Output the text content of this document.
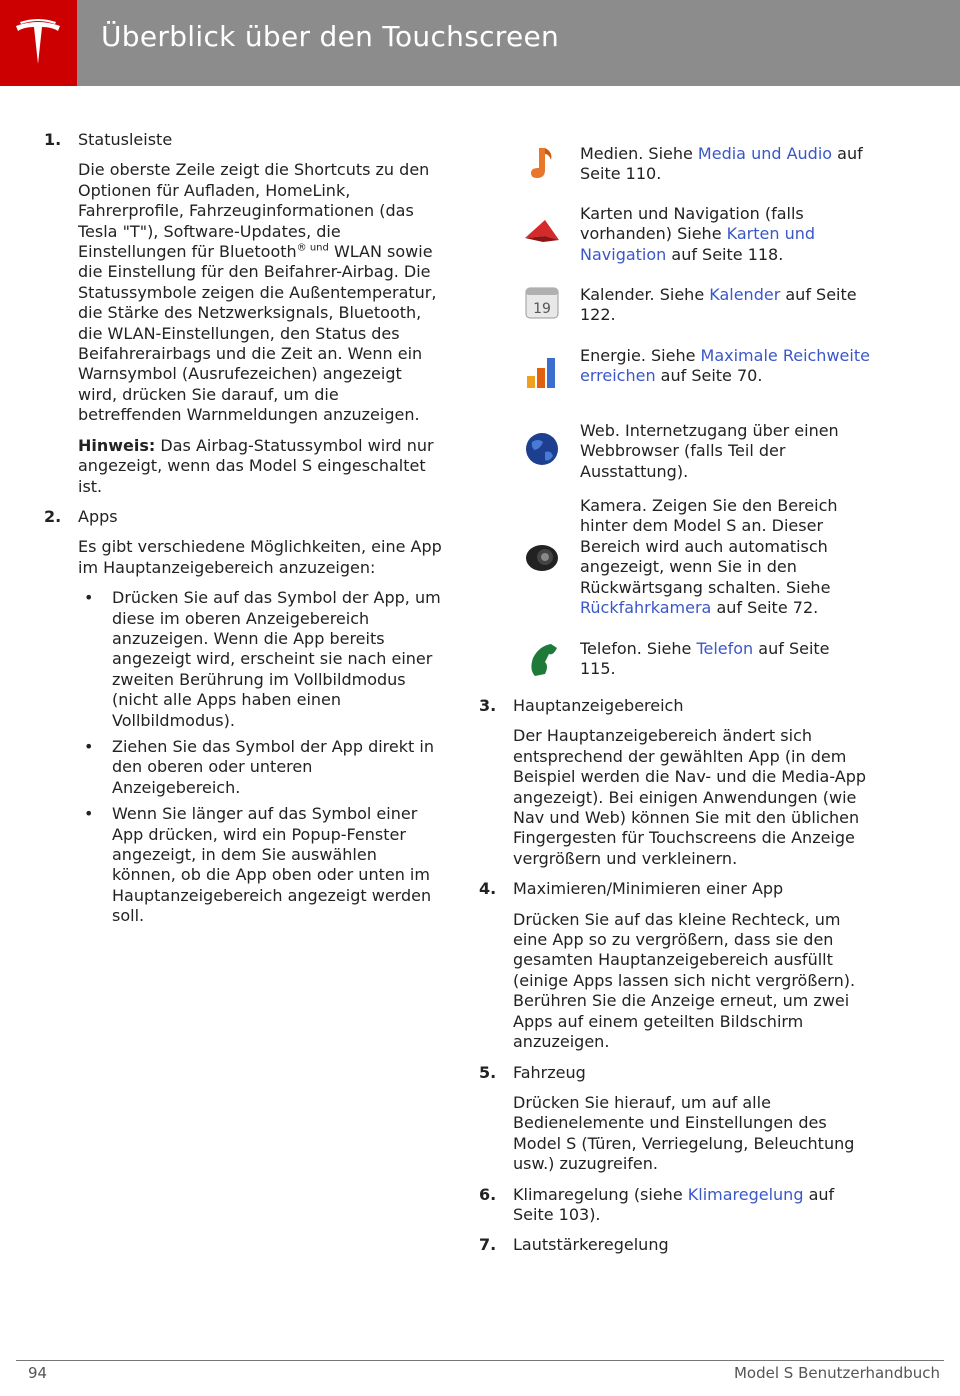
Überblick über den Touchscreen
1. Statusleiste

Die oberste Zeile zeigt die Shortcuts zu den Optionen für Aufladen, HomeLink, Fahrerprofile, Fahrzeuginformationen (das Tesla "T"), Software-Updates, die Einstellungen für Bluetooth$^{® und}$ WLAN sowie die Einstellung für den Beifahrer-Airbag. Die Statussymbole zeigen die Außentemperatur, die Stärke des Netzwerksignals, Bluetooth, die WLAN-Einstellungen, den Status des Beifahrerairbags und die Zeit an. Wenn ein Warnsymbol (Ausrufezeichen) angezeigt wird, drücken Sie darauf, um die betreffenden Warnmeldungen anzuzeigen.

Hinweis: Das Airbag-Statussymbol wird nur angezeigt, wenn das Model S eingeschaltet ist.

2. Apps

Es gibt verschiedene Möglichkeiten, eine App im Hauptanzeigebereich anzuzeigen:

• Drücken Sie auf das Symbol der App, um diese im oberen Anzeigebereich anzuzeigen. Wenn die App bereits angezeigt wird, erscheint sie nach einer zweiten Berührung im Vollbildmodus (nicht alle Apps haben einen Vollbildmodus).
• Ziehen Sie das Symbol der App direkt in den oberen oder unteren Anzeigebereich.
• Wenn Sie länger auf das Symbol einer App drücken, wird ein Popup-Fenster angezeigt, in dem Sie auswählen können, ob die App oben oder unten im Hauptanzeigebereich angezeigt werden soll.
Medien. Siehe Media und Audio auf Seite 110.
Karten und Navigation (falls vorhanden) Siehe Karten und Navigation auf Seite 118.
19
Kalender. Siehe Kalender auf Seite 122.
Energie. Siehe Maximale Reichweite erreichen auf Seite 70.
Web. Internetzugang über einen Webbrowser (falls Teil der Ausstattung).
Kamera. Zeigen Sie den Bereich hinter dem Model S an. Dieser Bereich wird auch automatisch angezeigt, wenn Sie in den Rückwärtsgang schalten. Siehe Rückfahrkamera auf Seite 72.
Telefon. Siehe Telefon auf Seite 115.
3. Hauptanzeigebereich

Der Hauptanzeigebereich ändert sich entsprechend der gewählten App (in dem Beispiel werden die Nav- und die Media-App angezeigt). Bei einigen Anwendungen (wie Nav und Web) können Sie mit den üblichen Fingergesten für Touchscreens die Anzeige vergrößern und verkleinern.

4. Maximieren/Minimieren einer App

Drücken Sie auf das kleine Rechteck, um eine App so zu vergrößern, dass sie den gesamten Hauptanzeigebereich ausfüllt (einige Apps lassen sich nicht vergrößern). Berühren Sie die Anzeige erneut, um zwei Apps auf einem geteilten Bildschirm anzuzeigen.

5. Fahrzeug

Drücken Sie hierauf, um auf alle Bedienelemente und Einstellungen des Model S (Türen, Verriegelung, Beleuchtung usw.) zuzugreifen.

6. Klimaregelung (siehe Klimaregelung auf Seite 103).
7. Lautstärkeregelung
94	Model S Benutzerhandbuch
